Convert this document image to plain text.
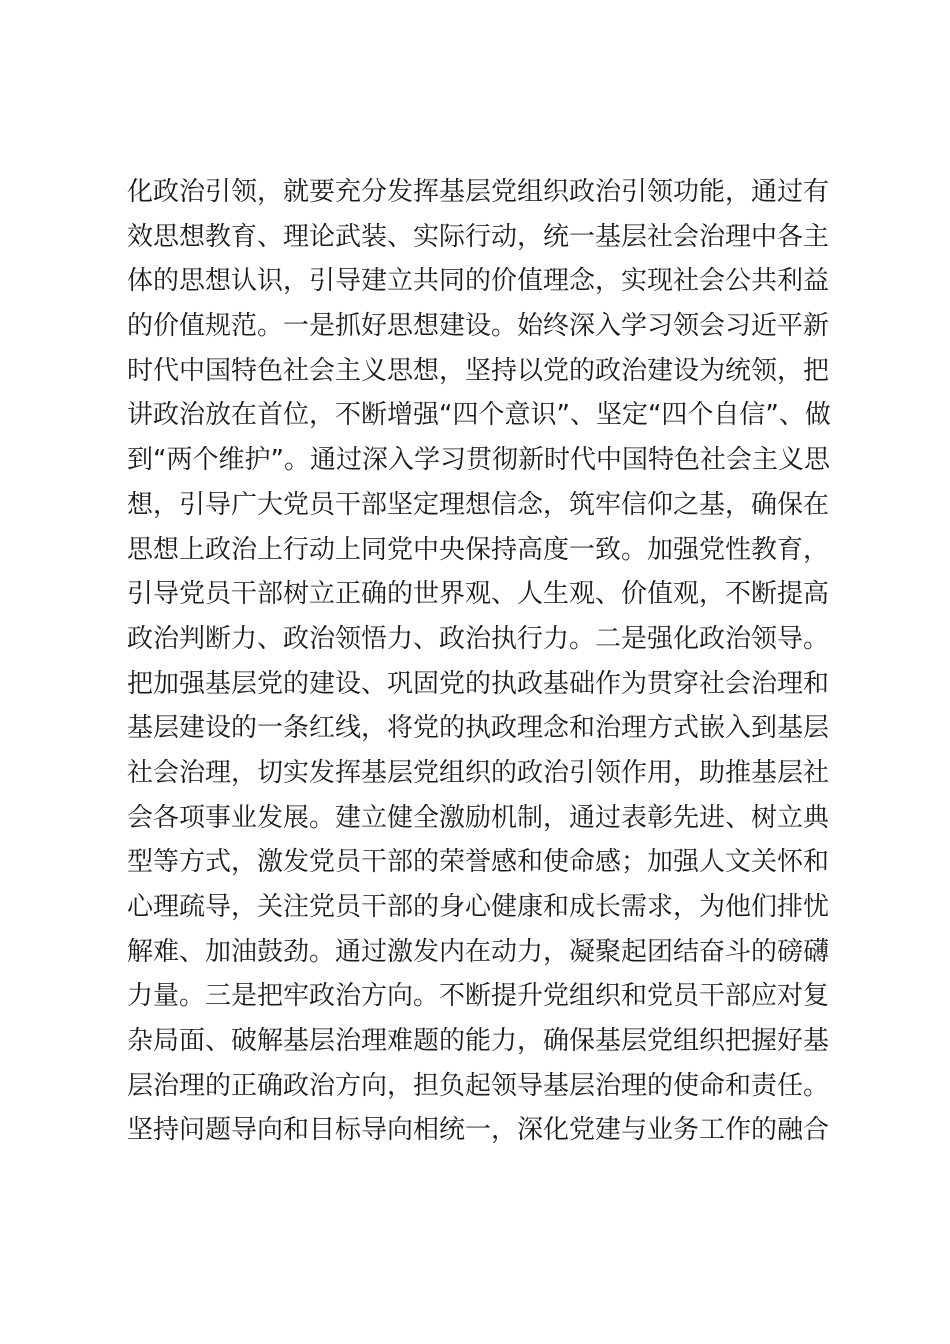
化政治引领，就要充分发挥基层党组织政治引领功能，通过有
效思想教育、理论武装、实际行动，统一基层社会治理中各主
体的思想认识，引导建立共同的价值理念，实现社会公共利益
的价值规范。一是抓好思想建设。始终深入学习领会习近平新
时代中国特色社会主义思想，坚持以党的政治建设为统领，把
讲政治放在首位，不断增强“四个意识”、坚定“四个自信”、做
到“两个维护”。通过深入学习贯彻新时代中国特色社会主义思
想，引导广大党员干部坚定理想信念，筑牢信仰之基，确保在
思想上政治上行动上同党中央保持高度一致。加强党性教育，
引导党员干部树立正确的世界观、人生观、价值观，不断提高
政治判断力、政治领悟力、政治执行力。二是强化政治领导。
把加强基层党的建设、巩固党的执政基础作为贯穿社会治理和
基层建设的一条红线，将党的执政理念和治理方式嵌入到基层
社会治理，切实发挥基层党组织的政治引领作用，助推基层社
会各项事业发展。建立健全激励机制，通过表彰先进、树立典
型等方式，激发党员干部的荣誉感和使命感；加强人文关怀和
心理疏导，关注党员干部的身心健康和成长需求，为他们排忧
解难、加油鼓劲。通过激发内在动力，凝聚起团结奋斗的磅礴
力量。三是把牢政治方向。不断提升党组织和党员干部应对复
杂局面、破解基层治理难题的能力，确保基层党组织把握好基
层治理的正确政治方向，担负起领导基层治理的使命和责任。
坚持问题导向和目标导向相统一，深化党建与业务工作的融合
